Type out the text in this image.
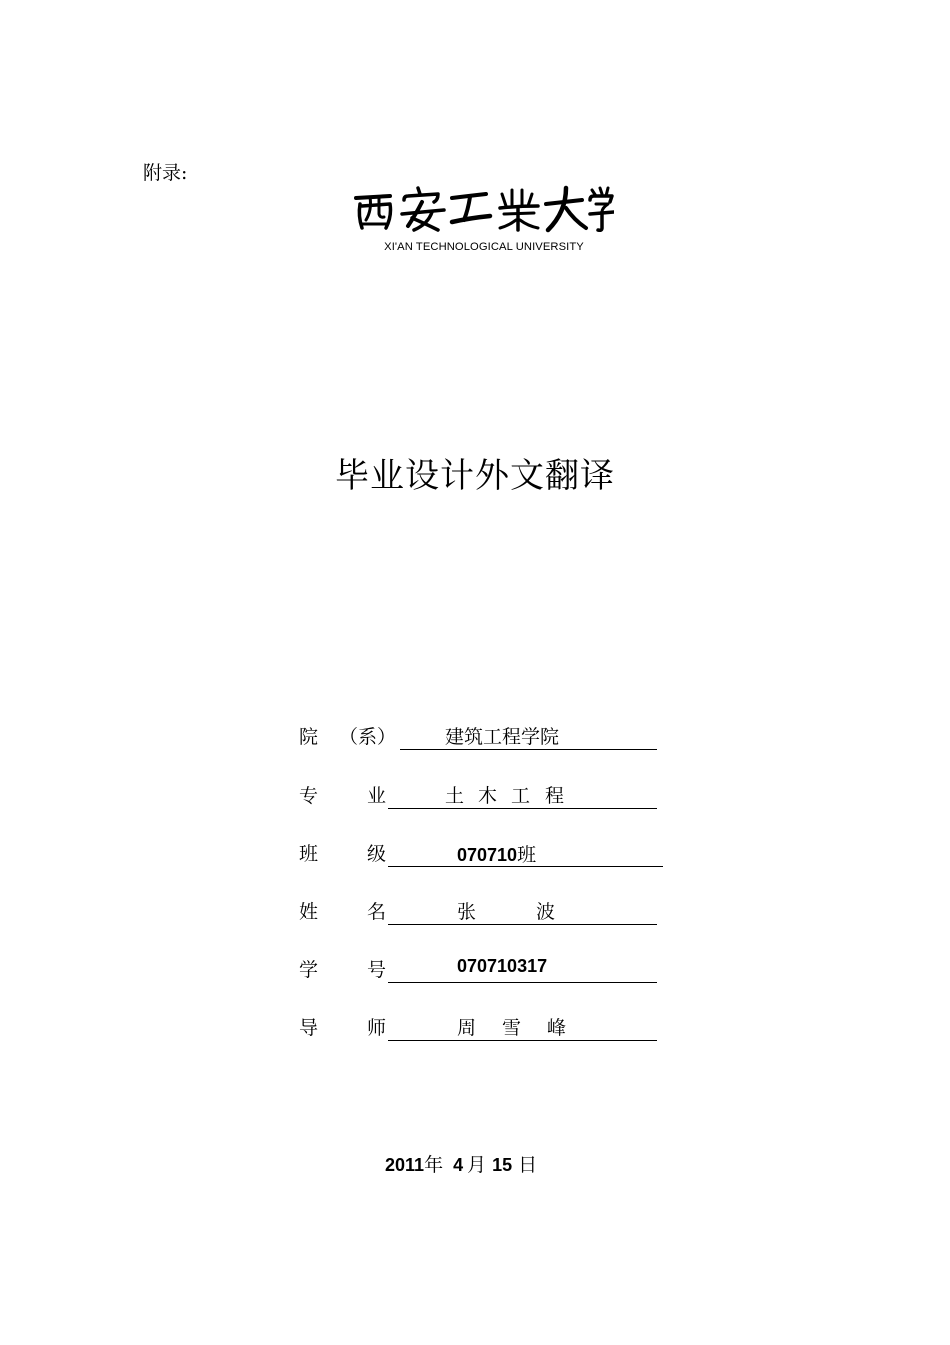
附录:
XI'AN TECHNOLOGICAL UNIVERSITY
毕业设计外文翻译
院 （系）	建筑工程学院
专	业	土 木 工 程
班	级	070710班
姓	名	张	波
学	号	070710317
导	师	周 雪 峰
2011年 4 月 15 日
